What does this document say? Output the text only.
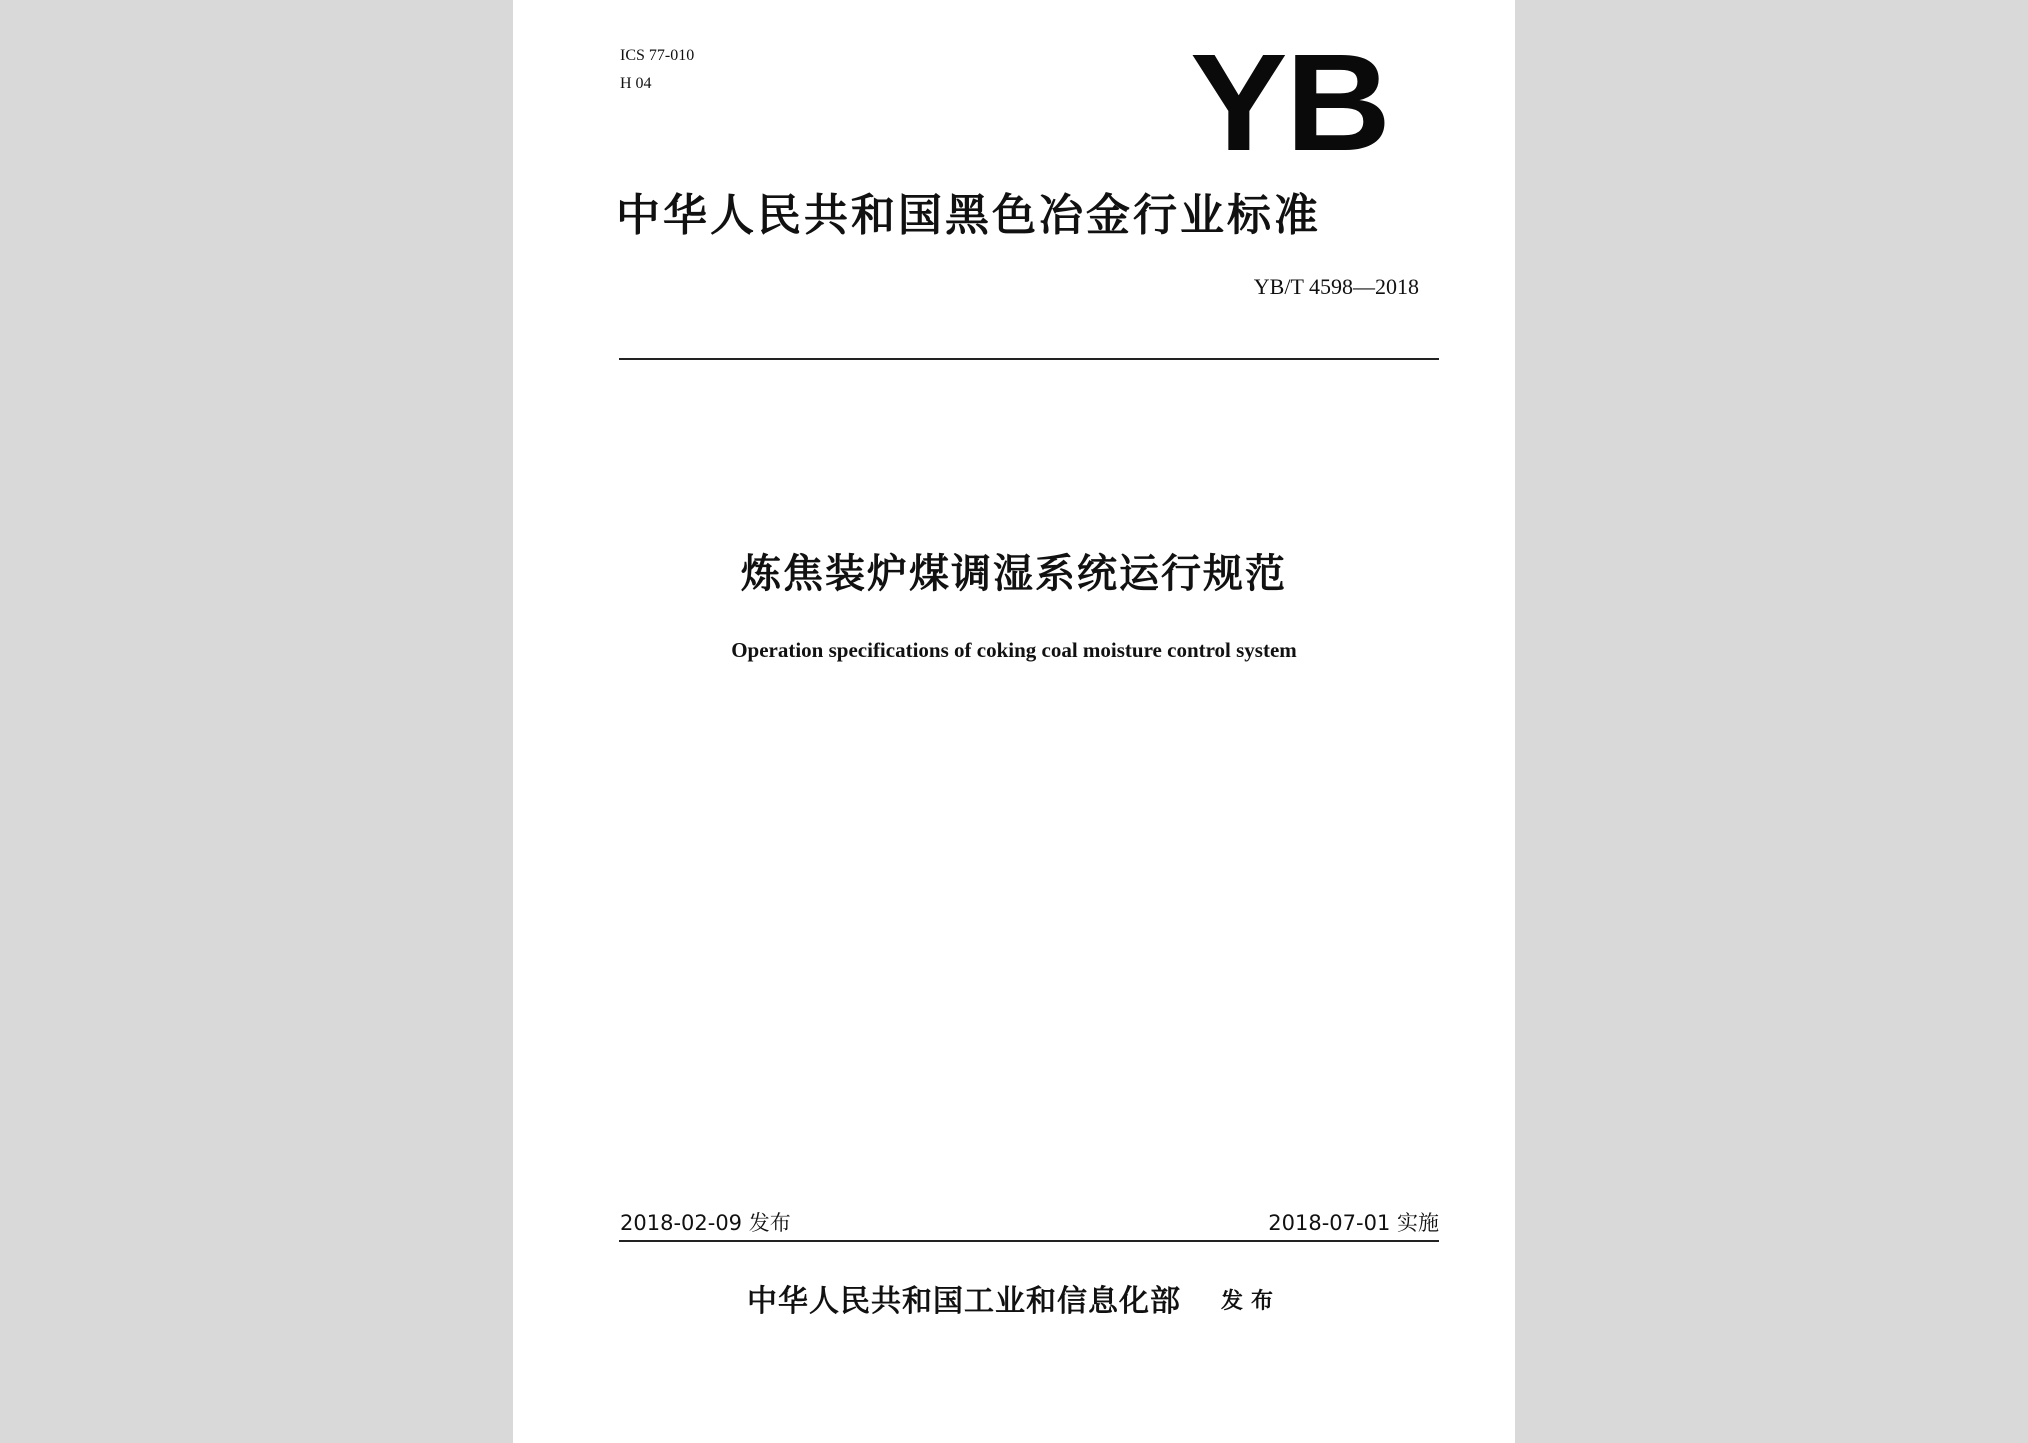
ICS 77-010
H 04	YB
中华人民共和国黑色冶金行业标准
YB/T 4598—2018
炼焦装炉煤调湿系统运行规范
Operation specifications of coking coal moisture control system
2018-02-09 发布	2018-07-01 实施
中华人民共和国工业和信息化部 发布
